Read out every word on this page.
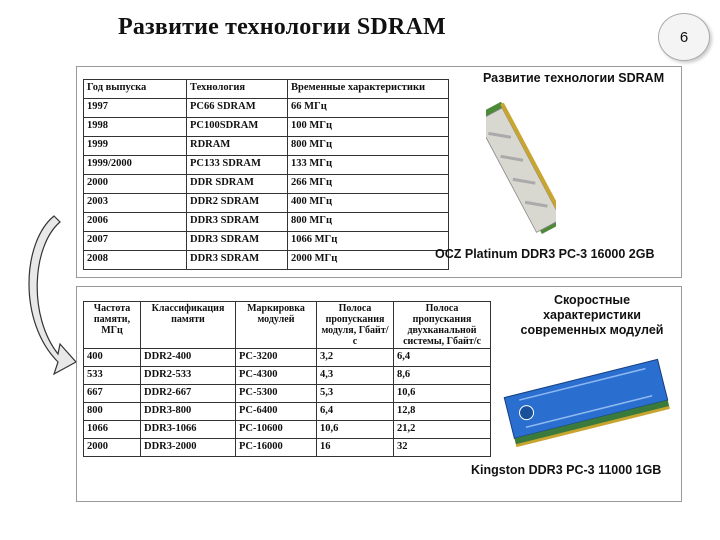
Развитие технологии SDRAM	6
Год выпуска	Технология	Временные характеристики
1997	PC66 SDRAM	66 МГц
1998	PC100SDRAM	100 МГц
1999	RDRAM	800 МГц
1999/2000	PC133 SDRAM	133 МГц
2000	DDR SDRAM	266 МГц
2003	DDR2 SDRAM	400 МГц
2006	DDR3 SDRAM	800 МГц
2007	DDR3 SDRAM	1066 МГц
2008	DDR3 SDRAM	2000 МГц
Развитие технологии SDRAM
OCZ Platinum DDR3 PC-3 16000 2GB
Частота памяти, МГц	Классификация памяти	Маркировка модулей	Полоса пропускания модуля, Гбайт/с	Полоса пропускания двухканальной системы, Гбайт/с
400	DDR2-400	PC-3200	3,2	6,4
533	DDR2-533	PC-4300	4,3	8,6
667	DDR2-667	PC-5300	5,3	10,6
800	DDR3-800	PC-6400	6,4	12,8
1066	DDR3-1066	PC-10600	10,6	21,2
2000	DDR3-2000	PC-16000	16	32
Скоростные характеристики современных модулей
Kingston DDR3 PC-3 11000 1GB
